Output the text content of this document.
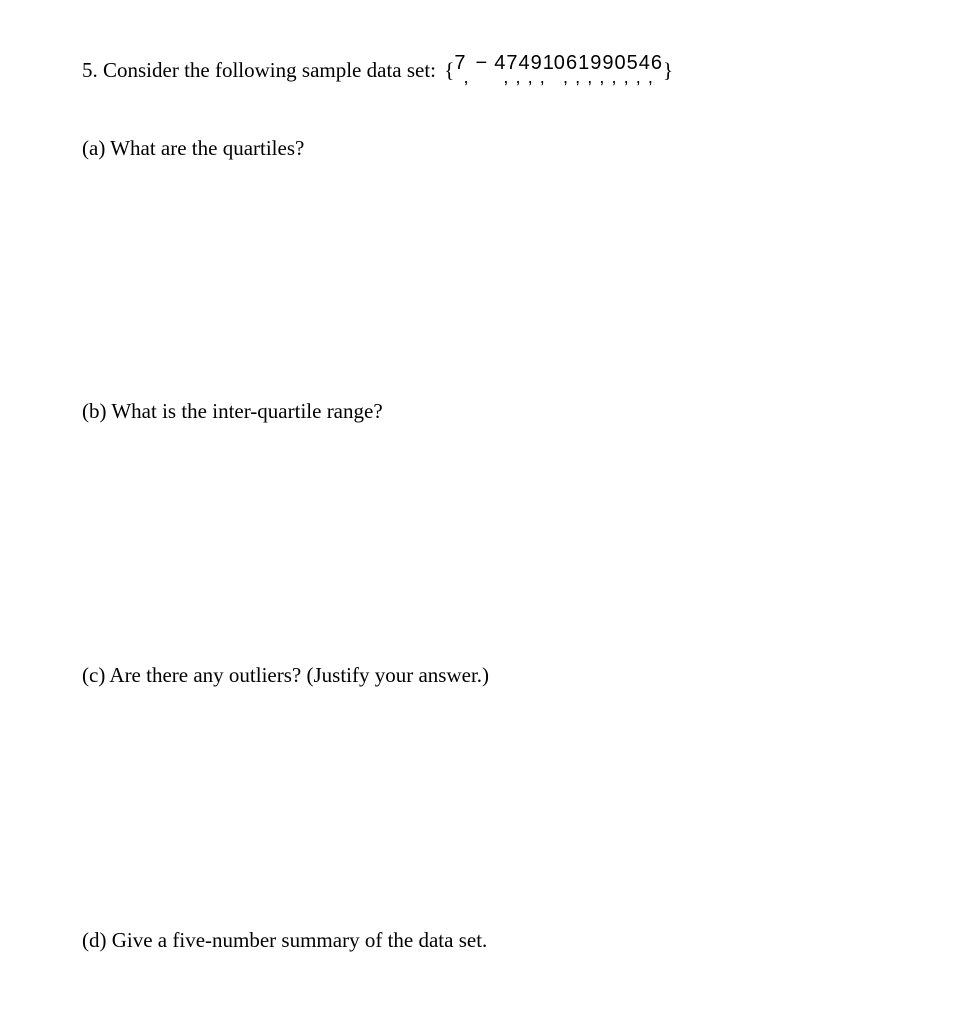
5. Consider the following sample data set: {7,− 4,7,4,9,10,6,1,9,9,0,5,4,6}
(a) What are the quartiles?
(b) What is the inter-quartile range?
(c) Are there any outliers? (Justify your answer.)
(d) Give a five-number summary of the data set.
